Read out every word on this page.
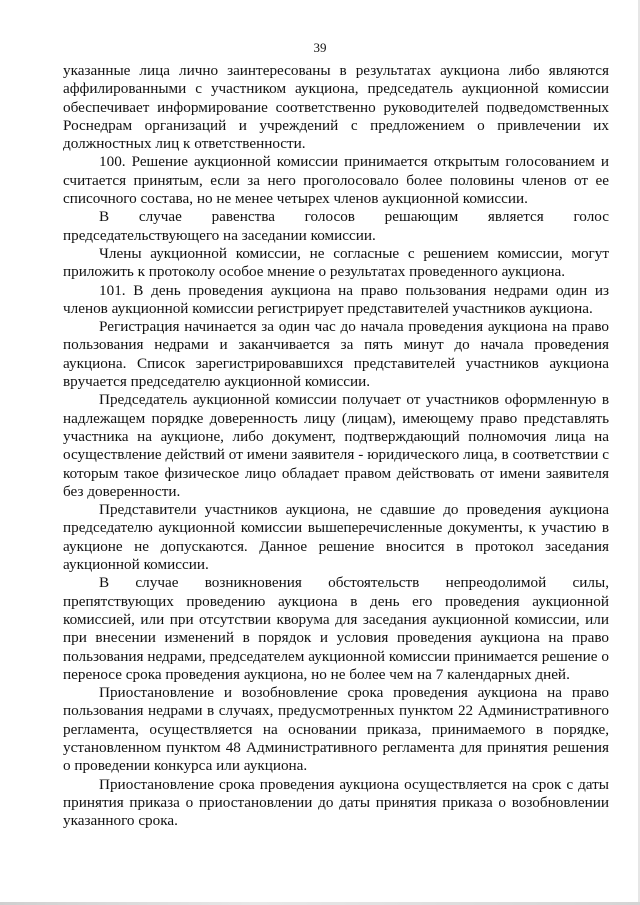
39

указанные лица лично заинтересованы в результатах аукциона либо являются аффилированными с участником аукциона, председатель аукционной комиссии обеспечивает информирование соответственно руководителей подведомственных Роснедрам организаций и учреждений с предложением о привлечении их должностных лиц к ответственности.

100. Решение аукционной комиссии принимается открытым голосованием и считается принятым, если за него проголосовало более половины членов от ее списочного состава, но не менее четырех членов аукционной комиссии.

В случае равенства голосов решающим является голос

председательствующего на заседании комиссии.

Члены аукционной комиссии, не согласные с решением комиссии, могут приложить к протоколу особое мнение о результатах проведенного аукциона.

101. В день проведения аукциона на право пользования недрами один из членов аукционной комиссии регистрирует представителей участников аукциона.

Регистрация начинается за один час до начала проведения аукциона на право пользования недрами и заканчивается за пять минут до начала проведения аукциона. Список зарегистрировавшихся представителей участников аукциона вручается председателю аукционной комиссии.

Председатель аукционной комиссии получает от участников оформленную в надлежащем порядке доверенность лицу (лицам), имеющему право представлять участника на аукционе, либо документ, подтверждающий полномочия лица на осуществление действий от имени заявителя - юридического лица, в соответствии с которым такое физическое лицо обладает правом действовать от имени заявителя без доверенности.

Представители участников аукциона, не сдавшие до проведения аукциона председателю аукционной комиссии вышеперечисленные документы, к участию в аукционе не допускаются. Данное решение вносится в протокол заседания аукционной комиссии.

В случае возникновения обстоятельств непреодолимой силы, препятствующих проведению аукциона в день его проведения аукционной комиссией, или при отсутствии кворума для заседания аукционной комиссии, или при внесении изменений в порядок и условия проведения аукциона на право пользования недрами, председателем аукционной комиссии принимается решение о переносе срока проведения аукциона, но не более чем на 7 календарных дней.

Приостановление и возобновление срока проведения аукциона на право пользования недрами в случаях, предусмотренных пунктом 22 Административного регламента, осуществляется на основании приказа, принимаемого в порядке, установленном пунктом 48 Административного регламента для принятия решения о проведении конкурса или аукциона.

Приостановление срока проведения аукциона осуществляется на срок с даты принятия приказа о приостановлении до даты принятия приказа о возобновлении указанного срока.
